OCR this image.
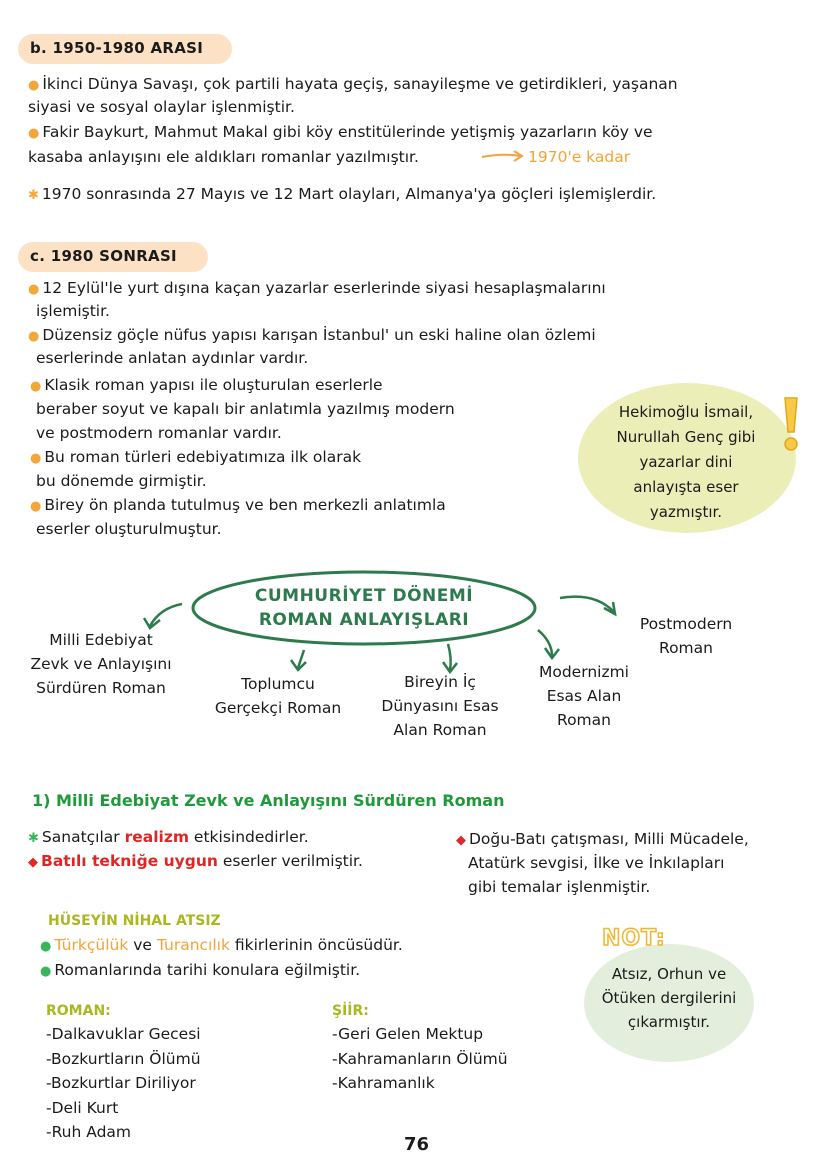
b. 1950-1980 ARASI
● İkinci Dünya Savaşı, çok partili hayata geçiş, sanayileşme ve getirdikleri, yaşanan
siyasi ve sosyal olaylar işlenmiştir.
● Fakir Baykurt, Mahmut Makal gibi köy enstitülerinde yetişmiş yazarların köy ve
kasaba anlayışını ele aldıkları romanlar yazılmıştır.	1970'e kadar
✱ 1970 sonrasında 27 Mayıs ve 12 Mart olayları, Almanya'ya göçleri işlemişlerdir.
c. 1980 SONRASI
● 12 Eylül'le yurt dışına kaçan yazarlar eserlerinde siyasi hesaplaşmalarını
işlemiştir.
● Düzensiz göçle nüfus yapısı karışan İstanbul' un eski haline olan özlemi
eserlerinde anlatan aydınlar vardır.
● Klasik roman yapısı ile oluşturulan eserlerle
beraber soyut ve kapalı bir anlatımla yazılmış modern
ve postmodern romanlar vardır.
● Bu roman türleri edebiyatımıza ilk olarak
bu dönemde girmiştir.
● Birey ön planda tutulmuş ve ben merkezli anlatımla
eserler oluşturulmuştur.
Hekimoğlu İsmail,
Nurullah Genç gibi
yazarlar dini
anlayışta eser
yazmıştır.
CUMHURİYET DÖNEMİ
ROMAN ANLAYIŞLARI
Milli Edebiyat
Zevk ve Anlayışını
Sürdüren Roman	Toplumcu
Gerçekçi Roman
Bireyin İç
Dünyasını Esas
Alan Roman
Modernizmi
Esas Alan
Roman
Postmodern
Roman
1) Milli Edebiyat Zevk ve Anlayışını Sürdüren Roman
✱ Sanatçılar realizm etkisindedirler.
◆ Batılı tekniğe uygun eserler verilmiştir.
◆ Doğu-Batı çatışması, Milli Mücadele,
Atatürk sevgisi, İlke ve İnkılapları
gibi temalar işlenmiştir.
HÜSEYİN NİHAL ATSIZ
● Türkçülük ve Turancılık fikirlerinin öncüsüdür.
● Romanlarında tarihi konulara eğilmiştir.
ROMAN:
-Dalkavuklar Gecesi
-Bozkurtların Ölümü
-Bozkurtlar Diriliyor
-Deli Kurt
-Ruh Adam
ŞİİR:
-Geri Gelen Mektup
-Kahramanların Ölümü
-Kahramanlık
NOT:
Atsız, Orhun ve
Ötüken dergilerini
çıkarmıştır.
76
